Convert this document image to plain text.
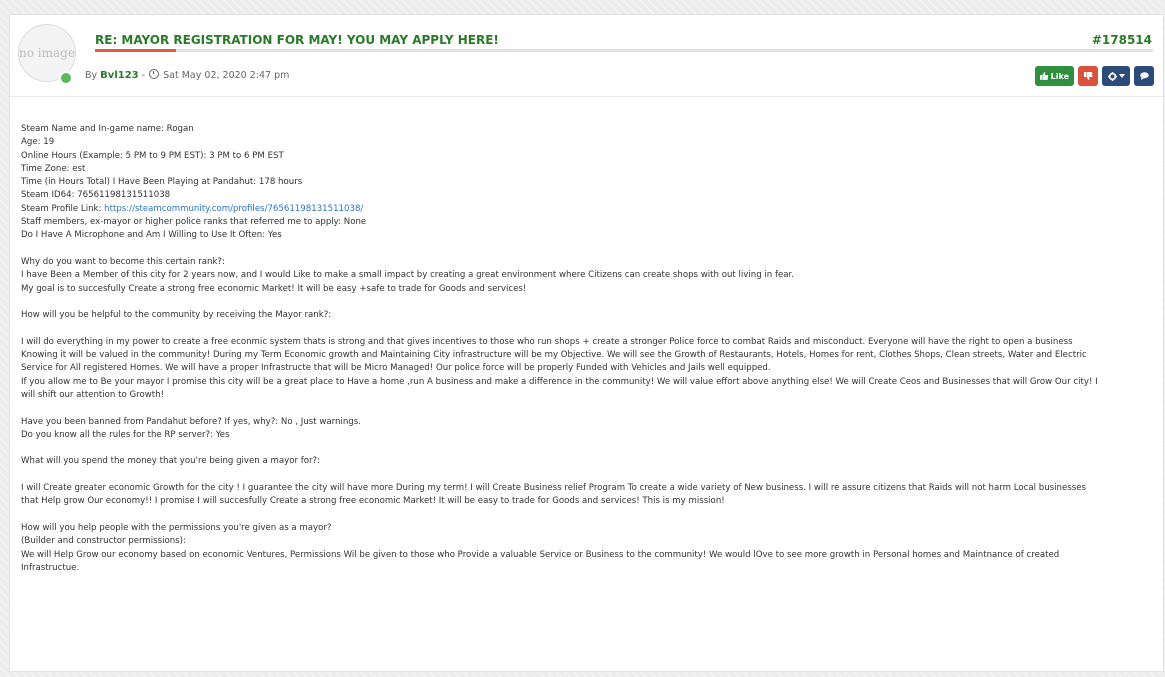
no image
RE: MAYOR REGISTRATION FOR MAY! YOU MAY APPLY HERE!	#178514
By Bvl123 -  Sat May 02, 2020 2:47 pm	Like

Steam Name and In-game name: Rogan

Age: 19

Online Hours (Example: 5 PM to 9 PM EST): 3 PM to 6 PM EST

Time Zone: est

Time (in Hours Total) I Have Been Playing at Pandahut: 178 hours

Steam ID64: 76561198131511038

Steam Profile Link: https://steamcommunity.com/profiles/76561198131511038/

Staff members, ex-mayor or higher police ranks that referred me to apply: None

Do I Have A Microphone and Am I Willing to Use It Often: Yes

Why do you want to become this certain rank?:

I have Been a Member of this city for 2 years now, and I would Like to make a small impact by creating a great environment where Citizens can create shops with out living in fear.

My goal is to succesfully Create a strong free economic Market! It will be easy +safe to trade for Goods and services!

How will you be helpful to the community by receiving the Mayor rank?:

I will do everything in my power to create a free econmic system thats is strong and that gives incentives to those who run shops + create a stronger Police force to combat Raids and misconduct. Everyone will have the right to open a business

Knowing it will be valued in the community! During my Term Economic growth and Maintaining City infrastructure will be my Objective. We will see the Growth of Restaurants, Hotels, Homes for rent, Clothes Shops, Clean streets, Water and Electric

Service for All registered Homes. We will have a proper Infrastructe that will be Micro Managed! Our police force will be properly Funded with Vehicles and Jails well equipped.

If you allow me to Be your mayor I promise this city will be a great place to Have a home ,run A business and make a difference in the community! We will value effort above anything else! We will Create Ceos and Businesses that will Grow Our city! I

will shift our attention to Growth!

Have you been banned from Pandahut before? If yes, why?: No , Just warnings.

Do you know all the rules for the RP server?: Yes

What will you spend the money that you're being given a mayor for?:

I will Create greater economic Growth for the city ! I guarantee the city will have more During my term! I will Create Business relief Program To create a wide variety of New business. I will re assure citizens that Raids will not harm Local businesses

that Help grow Our economy!! I promise I will succesfully Create a strong free economic Market! It will be easy to trade for Goods and services! This is my mission!

How will you help people with the permissions you're given as a mayor?

(Builder and constructor permissions):

We will Help Grow our economy based on economic Ventures, Permissions Wil be given to those who Provide a valuable Service or Business to the community! We would lOve to see more growth in Personal homes and Maintnance of created

Infrastructue.
